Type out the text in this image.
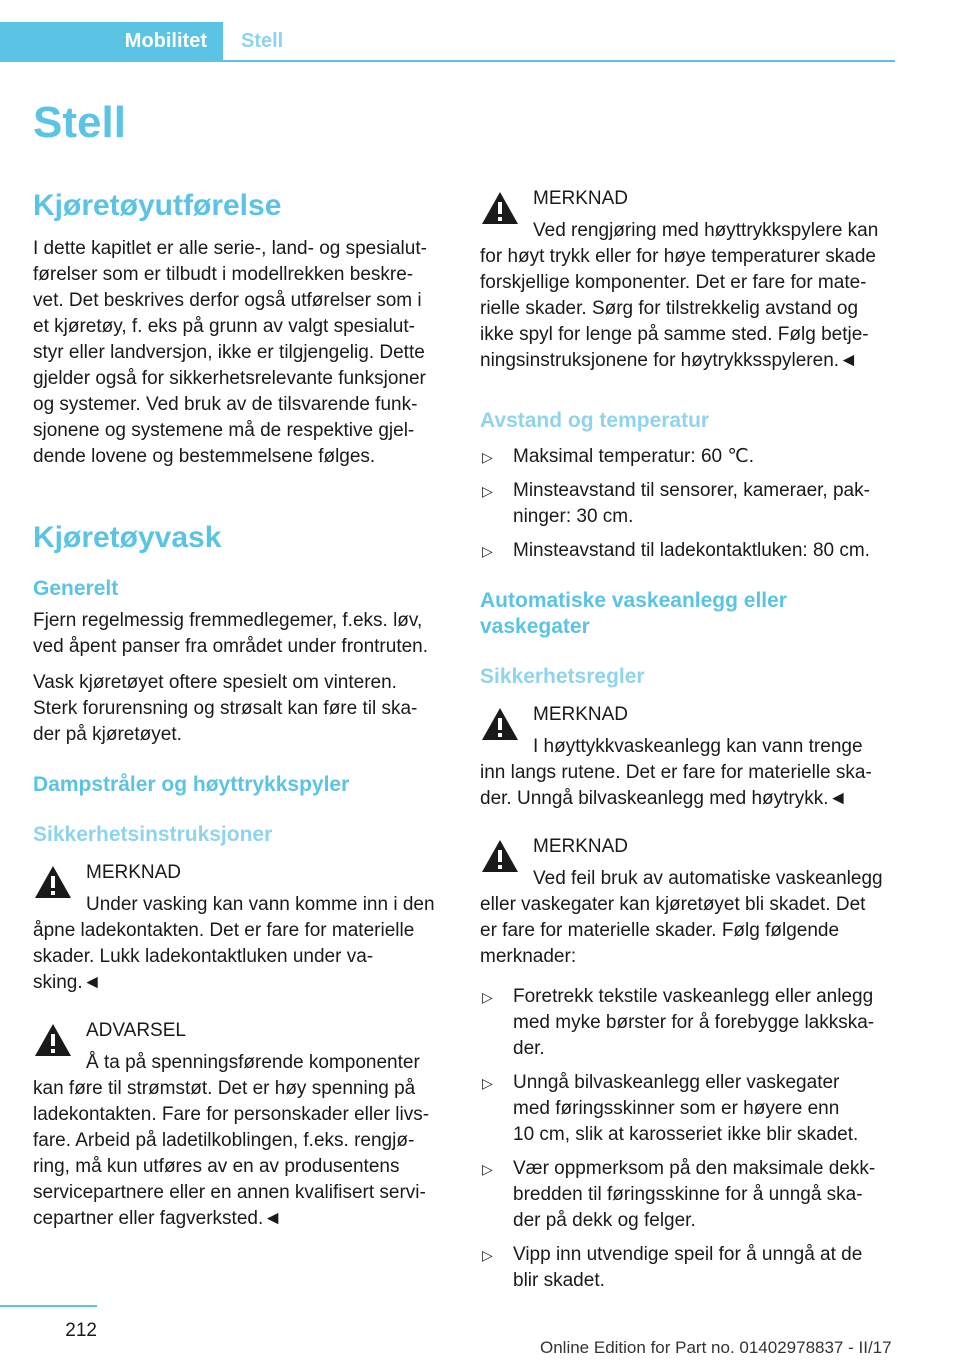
Mobilitet Stell
Stell
Kjøretøyutførelse

I dette kapitlet er alle serie-, land- og spesialut-
førelser som er tilbudt i modellrekken beskre-
vet. Det beskrives derfor også utførelser som i
et kjøretøy, f. eks på grunn av valgt spesialut-
styr eller landversjon, ikke er tilgjengelig. Dette
gjelder også for sikkerhetsrelevante funksjoner
og systemer. Ved bruk av de tilsvarende funk-
sjonene og systemene må de respektive gjel-
dende lovene og bestemmelsene følges.

Kjøretøyvask
Generelt

Fjern regelmessig fremmedlegemer, f.eks. løv,
ved åpent panser fra området under frontruten.

Vask kjøretøyet oftere spesielt om vinteren.
Sterk forurensning og strøsalt kan føre til ska-
der på kjøretøyet.

Dampstråler og høyttrykkspyler
Sikkerhetsinstruksjoner
MERKNAD

Under vasking kan vann komme inn i den

åpne ladekontakten. Det er fare for materielle
skader. Lukk ladekontaktluken under va-
sking.◄

ADVARSEL

Å ta på spenningsførende komponenter

kan føre til strømstøt. Det er høy spenning på
ladekontakten. Fare for personskader eller livs-
fare. Arbeid på ladetilkoblingen, f.eks. rengjø-
ring, må kun utføres av en av produsentens
servicepartnere eller en annen kvalifisert servi-
cepartner eller fagverksted.◄

MERKNAD

Ved rengjøring med høyttrykkspylere kan

for høyt trykk eller for høye temperaturer skade
forskjellige komponenter. Det er fare for mate-
rielle skader. Sørg for tilstrekkelig avstand og
ikke spyl for lenge på samme sted. Følg betje-
ningsinstruksjonene for høytrykksspyleren.◄

Avstand og temperatur
▷ Maksimal temperatur: 60 ℃.
▷ Minsteavstand til sensorer, kameraer, pak-
ninger: 30 cm.
▷ Minsteavstand til ladekontaktluken: 80 cm.
Automatiske vaskeanlegg eller
vaskegater
Sikkerhetsregler
MERKNAD

I høyttykkvaskeanlegg kan vann trenge

inn langs rutene. Det er fare for materielle ska-
der. Unngå bilvaskeanlegg med høytrykk.◄

MERKNAD

Ved feil bruk av automatiske vaskeanlegg

eller vaskegater kan kjøretøyet bli skadet. Det
er fare for materielle skader. Følg følgende
merknader:

▷ Foretrekk tekstile vaskeanlegg eller anlegg
med myke børster for å forebygge lakkska-
der.
▷ Unngå bilvaskeanlegg eller vaskegater
med føringsskinner som er høyere enn
10 cm, slik at karosseriet ikke blir skadet.
▷ Vær oppmerksom på den maksimale dekk-
bredden til føringsskinne for å unngå ska-
der på dekk og felger.
▷ Vipp inn utvendige speil for å unngå at de
blir skadet.
212
Online Edition for Part no. 01402978837 - II/17
